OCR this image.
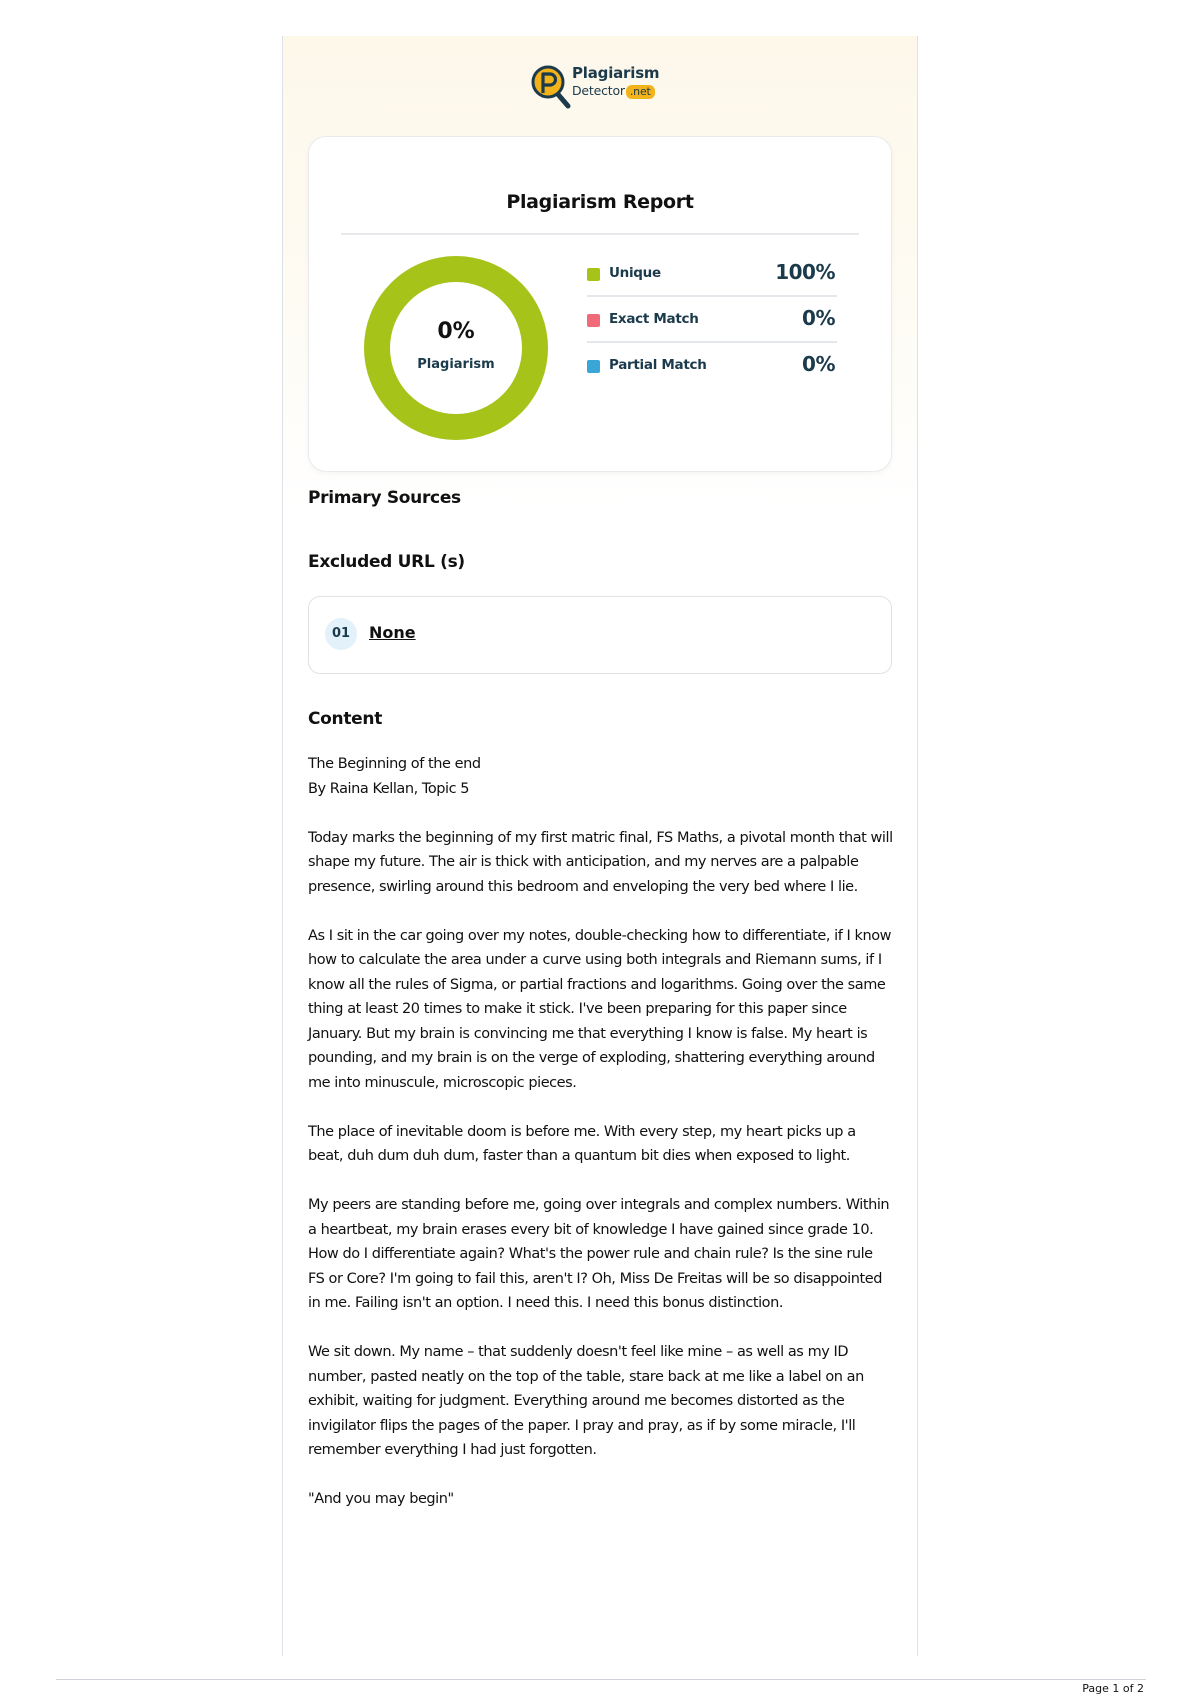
Plagiarism
Detector .net
Plagiarism Report
0%
Plagiarism
Unique	100%
Exact Match	0%
Partial Match	0%
Primary Sources
Excluded URL (s)
01	None
Content

The Beginning of the end

By Raina Kellan, Topic 5

Today marks the beginning of my first matric final, FS Maths, a pivotal month that will shape my future. The air is thick with anticipation, and my nerves are a palpable presence, swirling around this bedroom and enveloping the very bed where I lie.

As I sit in the car going over my notes, double-checking how to differentiate, if I know how to calculate the area under a curve using both integrals and Riemann sums, if I know all the rules of Sigma, or partial fractions and logarithms. Going over the same thing at least 20 times to make it stick. I've been preparing for this paper since January. But my brain is convincing me that everything I know is false. My heart is pounding, and my brain is on the verge of exploding, shattering everything around me into minuscule, microscopic pieces.

The place of inevitable doom is before me. With every step, my heart picks up a beat, duh dum duh dum, faster than a quantum bit dies when exposed to light.

My peers are standing before me, going over integrals and complex numbers. Within a heartbeat, my brain erases every bit of knowledge I have gained since grade 10. How do I differentiate again? What's the power rule and chain rule? Is the sine rule FS or Core? I'm going to fail this, aren't I? Oh, Miss De Freitas will be so disappointed in me. Failing isn't an option. I need this. I need this bonus distinction.

We sit down. My name – that suddenly doesn't feel like mine – as well as my ID number, pasted neatly on the top of the table, stare back at me like a label on an exhibit, waiting for judgment. Everything around me becomes distorted as the invigilator flips the pages of the paper. I pray and pray, as if by some miracle, I'll remember everything I had just forgotten.

"And you may begin"

Page 1 of 2
